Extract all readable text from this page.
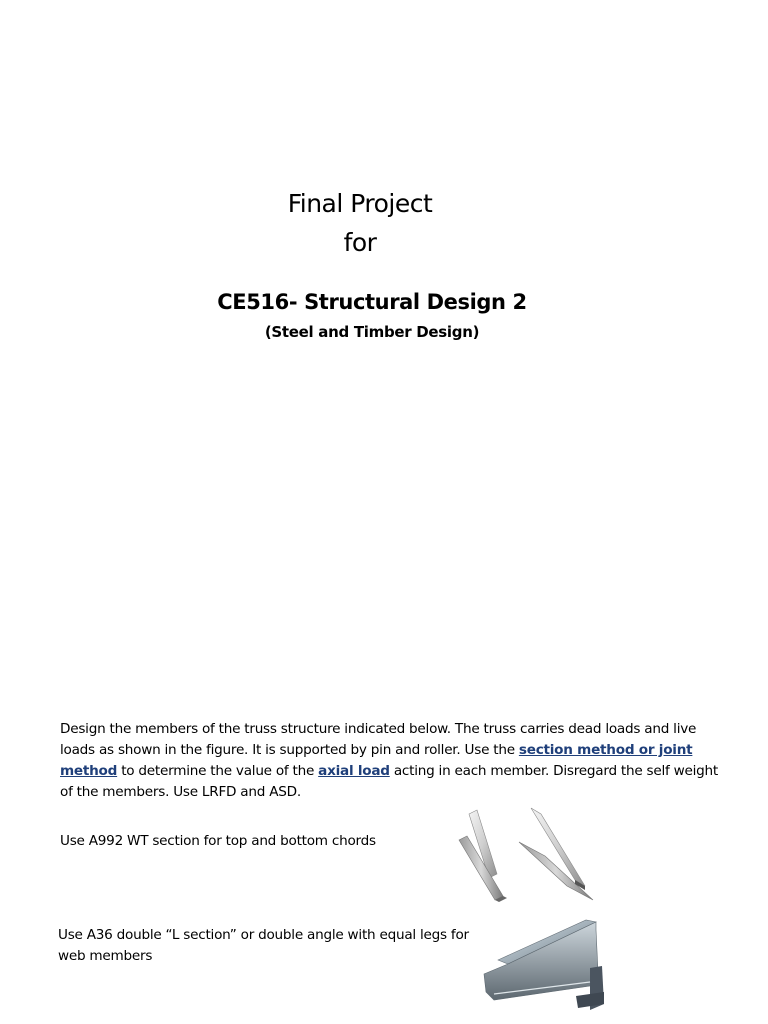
Final Project
for
CE516- Structural Design 2
(Steel and Timber Design)
Design the members of the truss structure indicated below. The truss carries dead loads and live loads as shown in the figure. It is supported by pin and roller. Use the section method or joint method to determine the value of the axial load acting in each member. Disregard the self weight of the members. Use LRFD and ASD.
Use A992 WT section for top and bottom chords
Use A36 double “L section” or double angle with equal legs for web members
